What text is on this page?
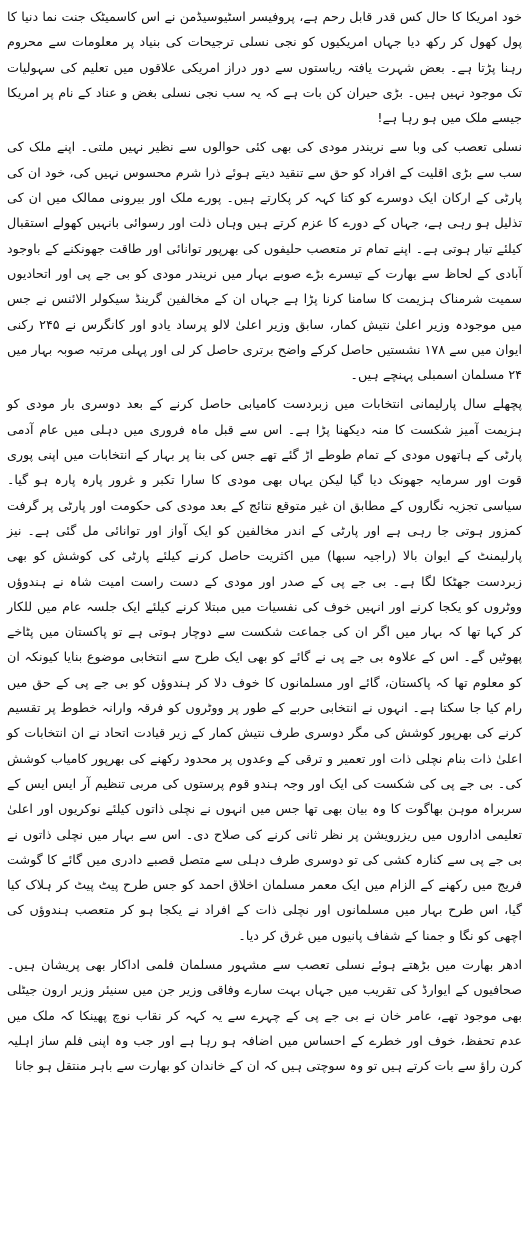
خود امریکا کا حال کس قدر قابل رحم ہے، پروفیسر اسٹیوسیڈمن نے اس کاسمیٹک جنت نما دنیا کا پول کھول کر رکھ دیا جہاں امریکیوں کو نجی نسلی ترجیحات کی بنیاد پر معلومات سے محروم رہنا پڑتا ہے۔ بعض شہرت یافتہ ریاستوں سے دور دراز امریکی علاقوں میں تعلیم کی سہولیات تک موجود نہیں ہیں۔ بڑی حیران کن بات ہے کہ یہ سب نجی نسلی بغض و عناد کے نام پر امریکا جیسے ملک میں ہو رہا ہے!

نسلی تعصب کی وبا سے نریندر مودی کی بھی کئی حوالوں سے نظیر نہیں ملتی۔ اپنے ملک کی سب سے بڑی اقلیت کے افراد کو حق سے تنقید دیتے ہوئے ذرا شرم محسوس نہیں کی، خود ان کی پارٹی کے ارکان ایک دوسرے کو کتا کہہ کر پکارتے ہیں۔ پورے ملک اور بیرونی ممالک میں ان کی تذلیل ہو رہی ہے، جہاں کے دورے کا عزم کرتے ہیں وہاں ذلت اور رسوائی بانہیں کھولے استقبال کیلئے تیار ہوتی ہے۔ اپنے تمام تر متعصب حلیفوں کی بھرپور توانائی اور طاقت جھونکنے کے باوجود آبادی کے لحاظ سے بھارت کے تیسرے بڑے صوبے بہار میں نریندر مودی کو بی جے پی اور اتحادیوں سمیت شرمناک ہزیمت کا سامنا کرنا پڑا ہے جہاں ان کے مخالفین گرینڈ سیکولر الائنس نے جس میں موجودہ وزیر اعلیٰ نتیش کمار، سابق وزیر اعلیٰ لالو پرساد یادو اور کانگرس نے ۲۴۵ رکنی ایوان میں سے ۱۷۸ نشستیں حاصل کرکے واضح برتری حاصل کر لی اور پہلی مرتبہ صوبہ بہار میں ۲۴ مسلمان اسمبلی پہنچے ہیں۔

پچھلے سال پارلیمانی انتخابات میں زبردست کامیابی حاصل کرنے کے بعد دوسری بار مودی کو ہزیمت آمیز شکست کا منہ دیکھنا پڑا ہے۔ اس سے قبل ماہ فروری میں دہلی میں عام آدمی پارٹی کے ہاتھوں مودی کے تمام طوطے اڑ گئے تھے جس کی بنا پر بہار کے انتخابات میں اپنی پوری قوت اور سرمایہ جھونک دیا گیا لیکن یہاں بھی مودی کا سارا تکبر و غرور پارہ پارہ ہو گیا۔ سیاسی تجزیہ نگاروں کے مطابق ان غیر متوقع نتائج کے بعد مودی کی حکومت اور پارٹی پر گرفت کمزور ہوتی جا رہی ہے اور پارٹی کے اندر مخالفین کو ایک آواز اور توانائی مل گئی ہے۔ نیز پارلیمنٹ کے ایوان بالا (راجیہ سبھا) میں اکثریت حاصل کرنے کیلئے پارٹی کی کوشش کو بھی زبردست جھٹکا لگا ہے۔ بی جے پی کے صدر اور مودی کے دست راست امیت شاہ نے ہندوؤں ووٹروں کو یکجا کرنے اور انہیں خوف کی نفسیات میں مبتلا کرنے کیلئے ایک جلسہ عام میں للکار کر کہا تھا کہ بہار میں اگر ان کی جماعت شکست سے دوچار ہوتی ہے تو پاکستان میں پٹاخے پھوٹیں گے۔ اس کے علاوہ بی جے پی نے گائے کو بھی ایک طرح سے انتخابی موضوع بنایا کیونکہ ان کو معلوم تھا کہ پاکستان، گائے اور مسلمانوں کا خوف دلا کر ہندوؤں کو بی جے پی کے حق میں رام کیا جا سکتا ہے۔ انہوں نے انتخابی حربے کے طور پر ووٹروں کو فرقہ وارانہ خطوط پر تقسیم کرنے کی بھرپور کوشش کی مگر دوسری طرف نتیش کمار کے زیر قیادت اتحاد نے ان انتخابات کو اعلیٰ ذات بنام نچلی ذات اور تعمیر و ترقی کے وعدوں پر محدود رکھنے کی بھرپور کامیاب کوشش کی۔ بی جے پی کی شکست کی ایک اور وجہ ہندو قوم پرستوں کی مربی تنظیم آر ایس ایس کے سربراہ موہن بھاگوت کا وہ بیان بھی تھا جس میں انہوں نے نچلی ذاتوں کیلئے نوکریوں اور اعلیٰ تعلیمی اداروں میں ریزرویشن پر نظر ثانی کرنے کی صلاح دی۔ اس سے بہار میں نچلی ذاتوں نے بی جے پی سے کنارہ کشی کی تو دوسری طرف دہلی سے متصل قصبے دادری میں گائے کا گوشت فریج میں رکھنے کے الزام میں ایک معمر مسلمان اخلاق احمد کو جس طرح پیٹ پیٹ کر ہلاک کیا گیا، اس طرح بہار میں مسلمانوں اور نچلی ذات کے افراد نے یکجا ہو کر متعصب ہندوؤں کی اچھی کو نگا و جمنا کے شفاف پانیوں میں غرق کر دیا۔

ادھر بھارت میں بڑھتے ہوئے نسلی تعصب سے مشہور مسلمان فلمی اداکار بھی پریشان ہیں۔ صحافیوں کے ایوارڈ کی تقریب میں جہاں بہت سارے وفاقی وزیر جن میں سنیئر وزیر ارون جیٹلی بھی موجود تھے، عامر خان نے بی جے پی کے چہرے سے یہ کہہ کر نقاب نوچ پھینکا کہ ملک میں عدم تحفظ، خوف اور خطرے کے احساس میں اضافہ ہو رہا ہے اور جب وہ اپنی فلم ساز اہلیہ کرن راؤ سے بات کرتے ہیں تو وہ سوچتی ہیں کہ ان کے خاندان کو بھارت سے باہر منتقل ہو جانا
